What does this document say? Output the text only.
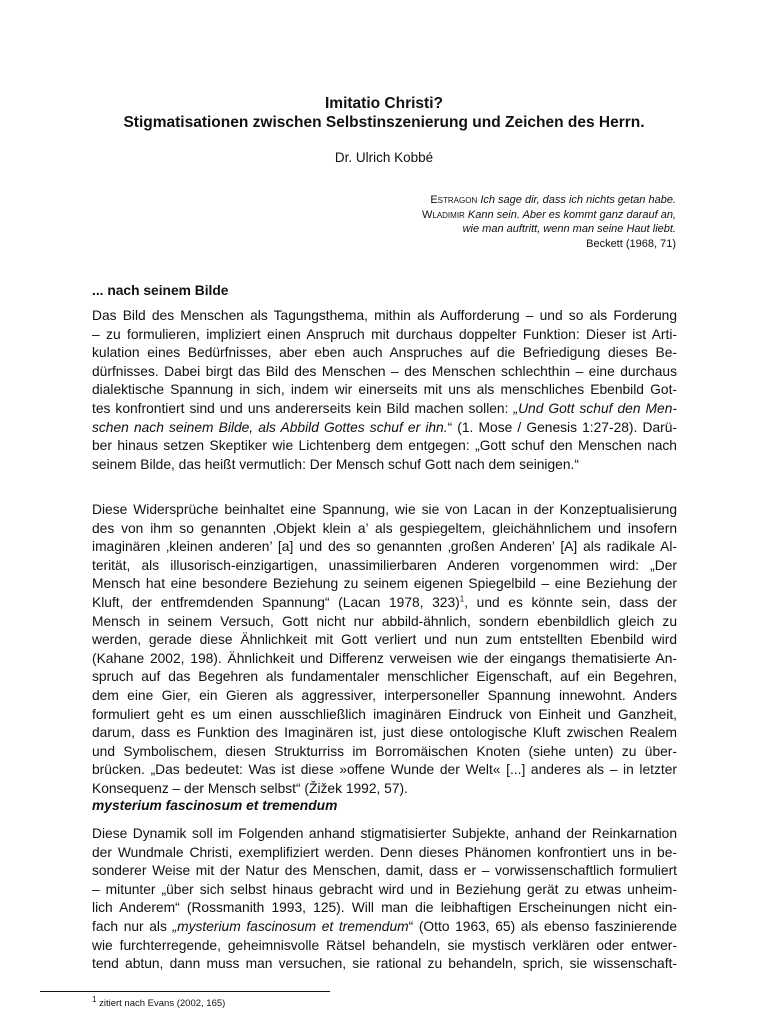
Imitatio Christi?
Stigmatisationen zwischen Selbstinszenierung und Zeichen des Herrn.
Dr. Ulrich Kobbé
Estragon Ich sage dir, dass ich nichts getan habe.
Wladimir Kann sein. Aber es kommt ganz darauf an,
wie man auftritt, wenn man seine Haut liebt.
Beckett (1968, 71)
... nach seinem Bilde
Das Bild des Menschen als Tagungsthema, mithin als Aufforderung – und so als Forderung
– zu formulieren, impliziert einen Anspruch mit durchaus doppelter Funktion: Dieser ist Arti-
kulation eines Bedürfnisses, aber eben auch Anspruches auf die Befriedigung dieses Be-
dürfnisses. Dabei birgt das Bild des Menschen – des Menschen schlechthin – eine durchaus
dialektische Spannung in sich, indem wir einerseits mit uns als menschliches Ebenbild Got-
tes konfrontiert sind und uns andererseits kein Bild machen sollen: „Und Gott schuf den Men-
schen nach seinem Bilde, als Abbild Gottes schuf er ihn.“ (1. Mose / Genesis 1:27-28). Darü-
ber hinaus setzen Skeptiker wie Lichtenberg dem entgegen: „Gott schuf den Menschen nach
seinem Bilde, das heißt vermutlich: Der Mensch schuf Gott nach dem seinigen.“
Diese Widersprüche beinhaltet eine Spannung, wie sie von Lacan in der Konzeptualisierung
des von ihm so genannten ‚Objekt klein a’ als gespiegeltem, gleichähnlichem und insofern
imaginären ‚kleinen anderen’ [a] und des so genannten ‚großen Anderen’ [A] als radikale Al-
terität, als illusorisch-einzigartigen, unassimilierbaren Anderen vorgenommen wird: „Der
Mensch hat eine besondere Beziehung zu seinem eigenen Spiegelbild – eine Beziehung der
Kluft, der entfremdenden Spannung“ (Lacan 1978, 323)$^1$, und es könnte sein, dass der
Mensch in seinem Versuch, Gott nicht nur abbild-ähnlich, sondern ebenbildlich gleich zu
werden, gerade diese Ähnlichkeit mit Gott verliert und nun zum entstellten Ebenbild wird
(Kahane 2002, 198). Ähnlichkeit und Differenz verweisen wie der eingangs thematisierte An-
spruch auf das Begehren als fundamentaler menschlicher Eigenschaft, auf ein Begehren,
dem eine Gier, ein Gieren als aggressiver, interpersoneller Spannung innewohnt. Anders
formuliert geht es um einen ausschließlich imaginären Eindruck von Einheit und Ganzheit,
darum, dass es Funktion des Imaginären ist, just diese ontologische Kluft zwischen Realem
und Symbolischem, diesen Strukturriss im Borromäischen Knoten (siehe unten) zu über-
brücken. „Das bedeutet: Was ist diese »offene Wunde der Welt« [...] anderes als – in letzter
Konsequenz – der Mensch selbst“ (Žižek 1992, 57).
mysterium fascinosum et tremendum
Diese Dynamik soll im Folgenden anhand stigmatisierter Subjekte, anhand der Reinkarnation
der Wundmale Christi, exemplifiziert werden. Denn dieses Phänomen konfrontiert uns in be-
sonderer Weise mit der Natur des Menschen, damit, dass er – vorwissenschaftlich formuliert
– mitunter „über sich selbst hinaus gebracht wird und in Beziehung gerät zu etwas unheim-
lich Anderem“ (Rossmanith 1993, 125). Will man die leibhaftigen Erscheinungen nicht ein-
fach nur als „mysterium fascinosum et tremendum“ (Otto 1963, 65) als ebenso faszinierende
wie furchterregende, geheimnisvolle Rätsel behandeln, sie mystisch verklären oder entwer-
tend abtun, dann muss man versuchen, sie rational zu behandeln, sprich, sie wissenschaft-
$^1$ zitiert nach Evans (2002, 165)
